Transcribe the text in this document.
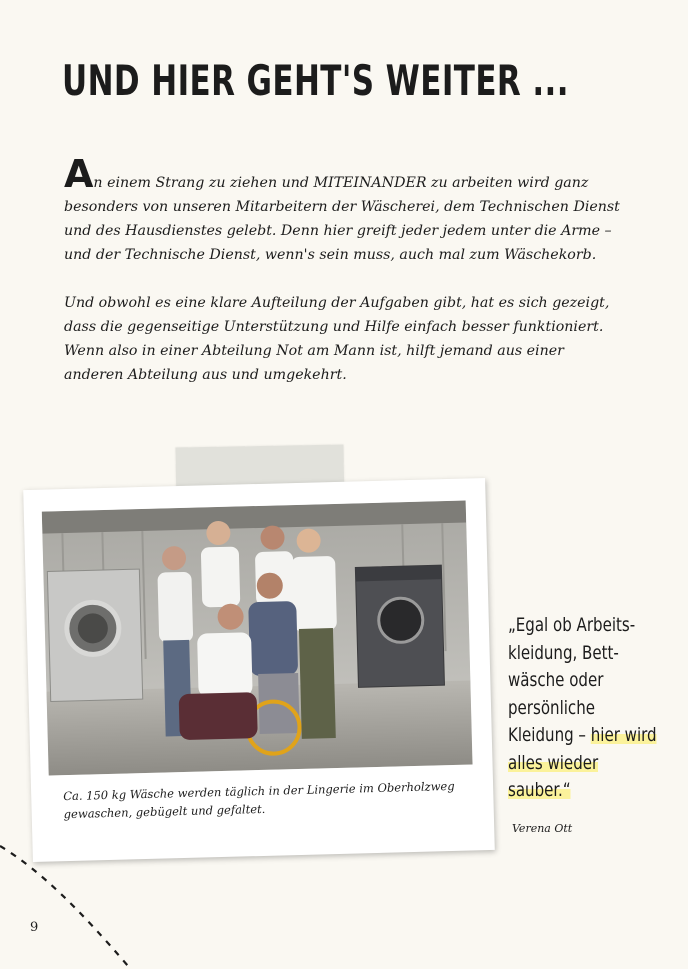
UND HIER GEHT'S WEITER ...

An einem Strang zu ziehen und MITEINANDER zu arbeiten wird ganz besonders von unseren Mitarbeitern der Wäscherei, dem Technischen Dienst und des Hausdienstes gelebt. Denn hier greift jeder jedem unter die Arme – und der Technische Dienst, wenn's sein muss, auch mal zum Wäschekorb.

Und obwohl es eine klare Aufteilung der Aufgaben gibt, hat es sich gezeigt, dass die gegenseitige Unterstützung und Hilfe einfach besser funktioniert. Wenn also in einer Abteilung Not am Mann ist, hilft jemand aus einer anderen Abteilung aus und umgekehrt.

Ca. 150 kg Wäsche werden täglich in der Lingerie im Oberholzweg gewaschen, gebügelt und gefaltet.
„Egal ob Arbeitskleidung, Bettwäsche oder persönliche Kleidung – hier wird alles wieder sauber.“
Verena Ott
9
